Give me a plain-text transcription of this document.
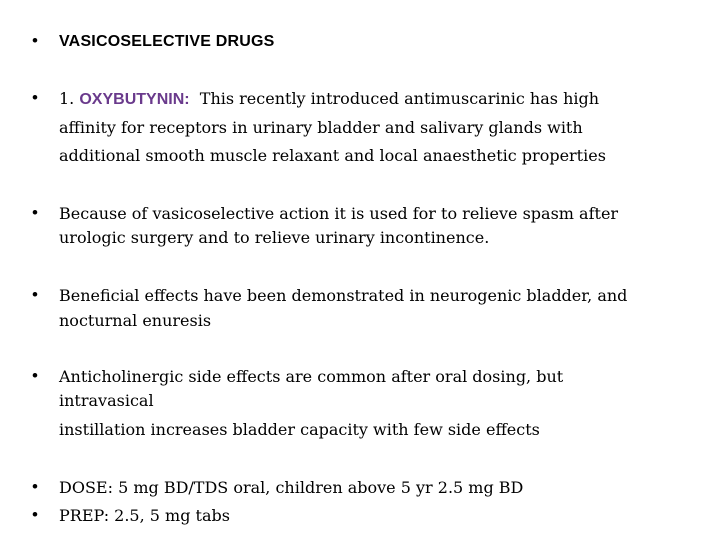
• VASICOSELECTIVE DRUGS
• 1. OXYBUTYNIN: This recently introduced antimuscarinic has high
affinity for receptors in urinary bladder and salivary glands with
additional smooth muscle relaxant and local anaesthetic properties
• Because of vasicoselective action it is used for to relieve spasm after
urologic surgery and to relieve urinary incontinence.
• Beneficial effects have been demonstrated in neurogenic bladder, and
nocturnal enuresis
• Anticholinergic side effects are common after oral dosing, but
intravasical
instillation increases bladder capacity with few side effects
• DOSE: 5 mg BD/TDS oral, children above 5 yr 2.5 mg BD
• PREP: 2.5, 5 mg tabs
